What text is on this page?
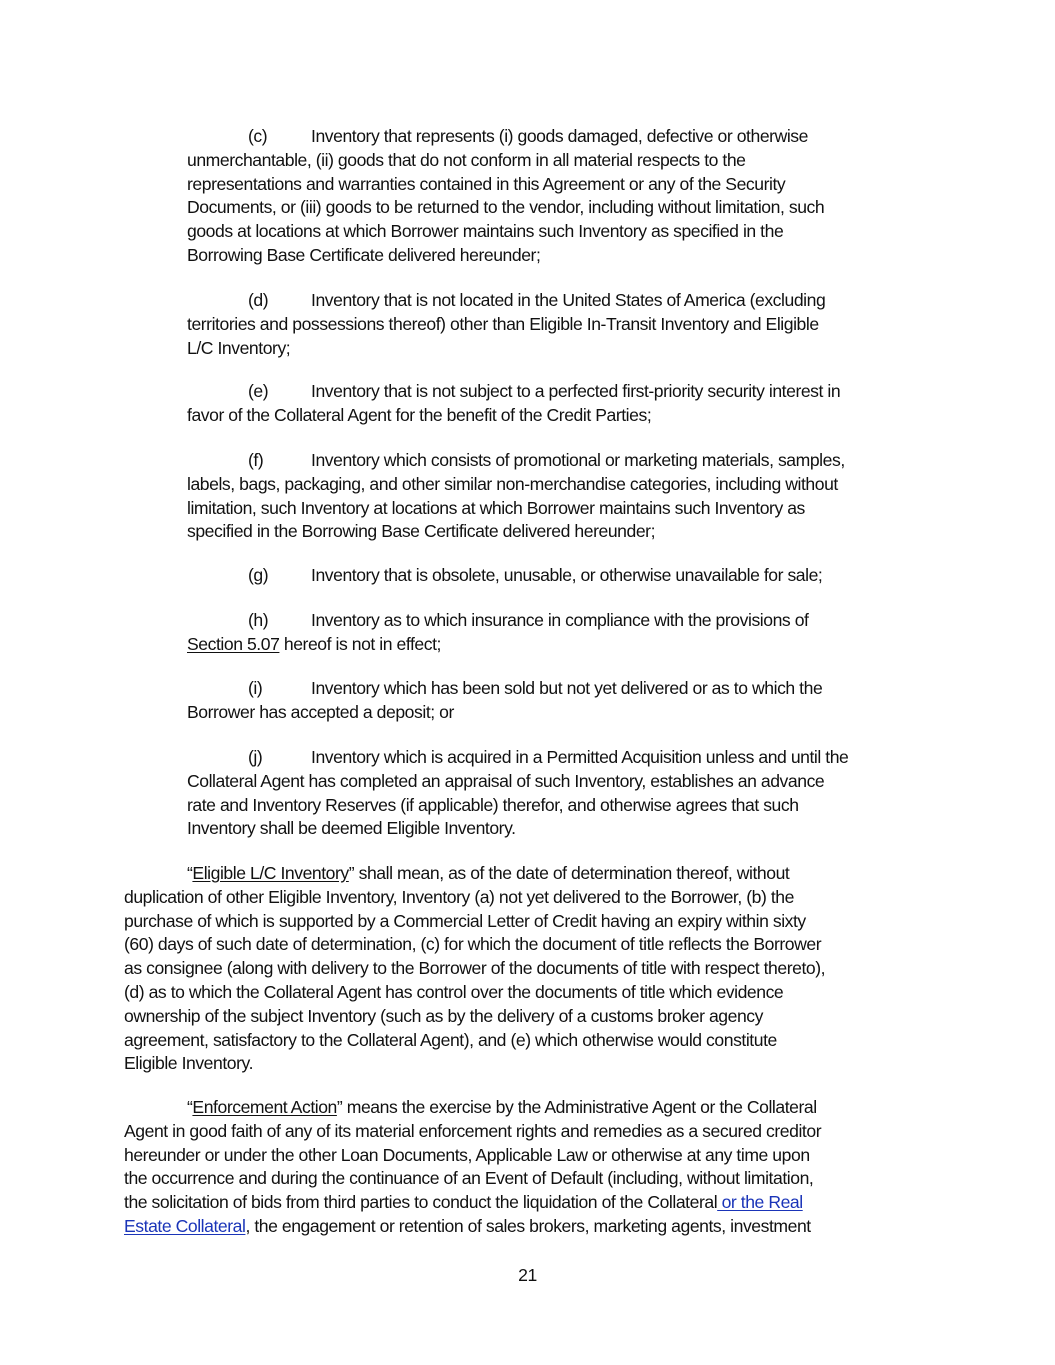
(c) Inventory that represents (i) goods damaged, defective or otherwise
unmerchantable, (ii) goods that do not conform in all material respects to the
representations and warranties contained in this Agreement or any of the Security
Documents, or (iii) goods to be returned to the vendor, including without limitation, such
goods at locations at which Borrower maintains such Inventory as specified in the
Borrowing Base Certificate delivered hereunder;

(d) Inventory that is not located in the United States of America (excluding
territories and possessions thereof) other than Eligible In-Transit Inventory and Eligible
L/C Inventory;

(e) Inventory that is not subject to a perfected first-priority security interest in
favor of the Collateral Agent for the benefit of the Credit Parties;

(f)	Inventory which consists of promotional or marketing materials, samples,
labels, bags, packaging, and other similar non-merchandise categories, including without
limitation, such Inventory at locations at which Borrower maintains such Inventory as
specified in the Borrowing Base Certificate delivered hereunder;

(g) Inventory that is obsolete, unusable, or otherwise unavailable for sale;

(h) Inventory as to which insurance in compliance with the provisions of
Section 5.07 hereof is not in effect;

(i)	Inventory which has been sold but not yet delivered or as to which the
Borrower has accepted a deposit; or

(j)	Inventory which is acquired in a Permitted Acquisition unless and until the
Collateral Agent has completed an appraisal of such Inventory, establishes an advance
rate and Inventory Reserves (if applicable) therefor, and otherwise agrees that such
Inventory shall be deemed Eligible Inventory.

“Eligible L/C Inventory” shall mean, as of the date of determination thereof, without
duplication of other Eligible Inventory, Inventory (a) not yet delivered to the Borrower, (b) the
purchase of which is supported by a Commercial Letter of Credit having an expiry within sixty
(60) days of such date of determination, (c) for which the document of title reflects the Borrower
as consignee (along with delivery to the Borrower of the documents of title with respect thereto),
(d) as to which the Collateral Agent has control over the documents of title which evidence
ownership of the subject Inventory (such as by the delivery of a customs broker agency
agreement, satisfactory to the Collateral Agent), and (e) which otherwise would constitute
Eligible Inventory.

“Enforcement Action” means the exercise by the Administrative Agent or the Collateral
Agent in good faith of any of its material enforcement rights and remedies as a secured creditor
hereunder or under the other Loan Documents, Applicable Law or otherwise at any time upon
the occurrence and during the continuance of an Event of Default (including, without limitation,
the solicitation of bids from third parties to conduct the liquidation of the Collateral or the Real
Estate Collateral, the engagement or retention of sales brokers, marketing agents, investment

21
